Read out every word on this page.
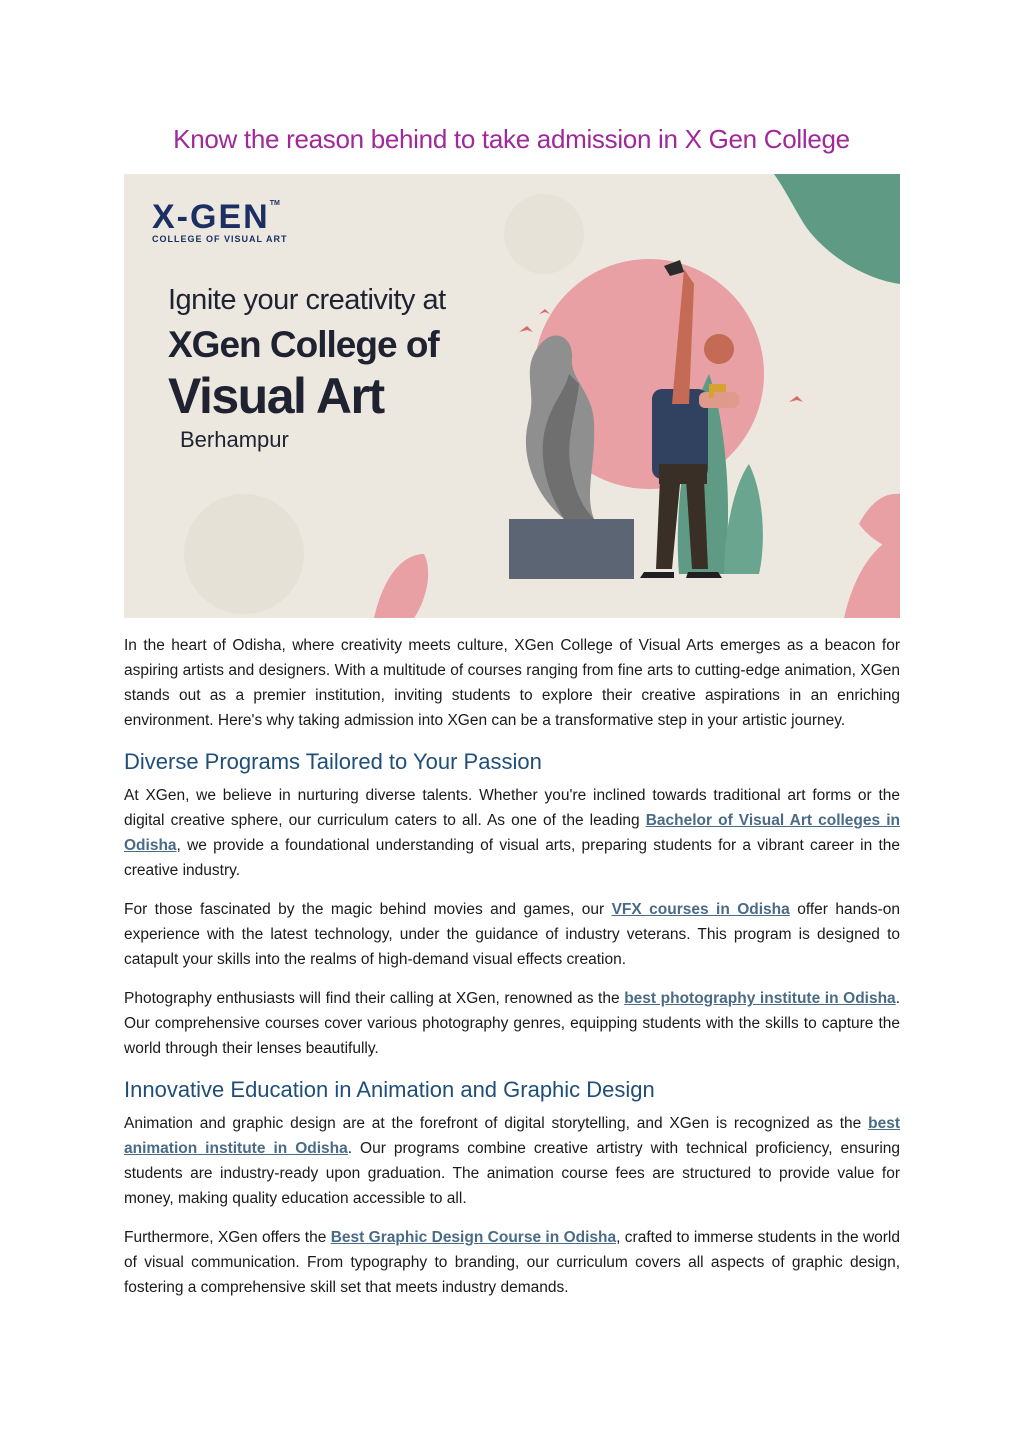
Know the reason behind to take admission in X Gen College
X-GEN™
COLLEGE OF VISUAL ART
Ignite your creativity at
XGen College of
Visual Art
Berhampur

In the heart of Odisha, where creativity meets culture, XGen College of Visual Arts emerges as a beacon for aspiring artists and designers. With a multitude of courses ranging from fine arts to cutting-edge animation, XGen stands out as a premier institution, inviting students to explore their creative aspirations in an enriching environment. Here's why taking admission into XGen can be a transformative step in your artistic journey.

Diverse Programs Tailored to Your Passion

At XGen, we believe in nurturing diverse talents. Whether you're inclined towards traditional art forms or the digital creative sphere, our curriculum caters to all. As one of the leading Bachelor of Visual Art colleges in Odisha, we provide a foundational understanding of visual arts, preparing students for a vibrant career in the creative industry.

For those fascinated by the magic behind movies and games, our VFX courses in Odisha offer hands-on experience with the latest technology, under the guidance of industry veterans. This program is designed to catapult your skills into the realms of high-demand visual effects creation.

Photography enthusiasts will find their calling at XGen, renowned as the best photography institute in Odisha. Our comprehensive courses cover various photography genres, equipping students with the skills to capture the world through their lenses beautifully.

Innovative Education in Animation and Graphic Design

Animation and graphic design are at the forefront of digital storytelling, and XGen is recognized as the best animation institute in Odisha. Our programs combine creative artistry with technical proficiency, ensuring students are industry-ready upon graduation. The animation course fees are structured to provide value for money, making quality education accessible to all.

Furthermore, XGen offers the Best Graphic Design Course in Odisha, crafted to immerse students in the world of visual communication. From typography to branding, our curriculum covers all aspects of graphic design, fostering a comprehensive skill set that meets industry demands.
